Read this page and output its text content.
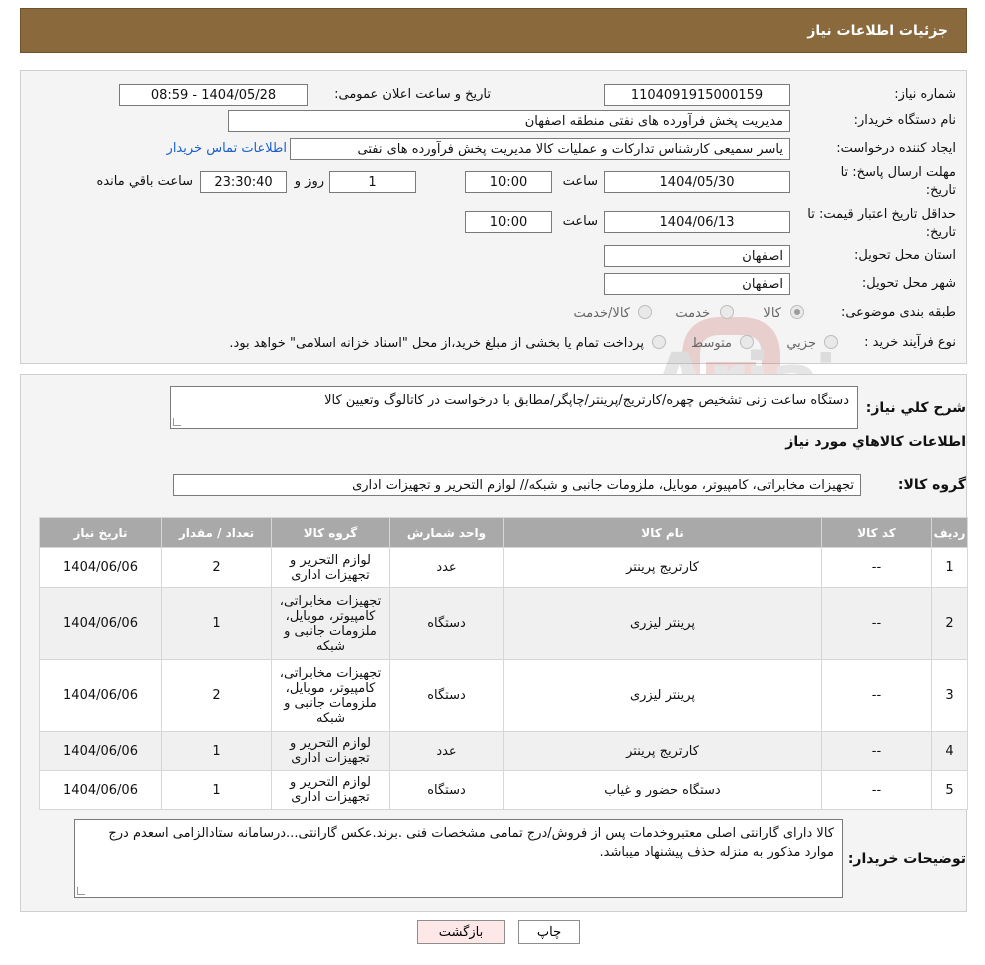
جزئیات اطلاعات نیاز
شماره نیاز:
1104091915000159
تاریخ و ساعت اعلان عمومی:
1404/05/28 - 08:59
نام دستگاه خریدار:
مدیریت پخش فرآورده های نفتی منطقه اصفهان
ایجاد کننده درخواست:
یاسر سمیعی کارشناس تدارکات و عملیات کالا مدیریت پخش فرآورده های نفتی
اطلاعات تماس خریدار
مهلت ارسال پاسخ: تا
تاریخ:
1404/05/30
ساعت
10:00
1
روز و
23:30:40
ساعت باقي مانده
حداقل تاریخ اعتبار قیمت: تا
تاریخ:
1404/06/13
ساعت
10:00
استان محل تحویل:
اصفهان
شهر محل تحویل:
اصفهان
طبقه بندی موضوعی:
کالا
خدمت
کالا/خدمت
نوع فرآیند خرید :
جزيي
متوسط
پرداخت تمام یا بخشی از مبلغ خرید،از محل "اسناد خزانه اسلامی" خواهد بود.
شرح کلي نياز:
دستگاه ساعت زنی تشخیص چهره/کارتریج/پرینتر/چاپگر/مطابق با درخواست در کاتالوگ وتعیین کالا
اطلاعات کالاهاي مورد نياز
گروه کالا:
تجهیزات مخابراتی، کامپیوتر، موبایل، ملزومات جانبی و شبکه// لوازم التحریر و تجهیزات اداری
رديف	کد کالا	نام کالا	واحد شمارش	گروه کالا	تعداد / مقدار	تاریخ نیاز
1	--	کارتریج پرینتر	عدد	لوازم التحریر و تجهیزات اداری	2	1404/06/06
2	--	پرینتر لیزری	دستگاه	تجهیزات مخابراتی، کامپیوتر، موبایل، ملزومات جانبی و شبکه	1	1404/06/06
3	--	پرینتر لیزری	دستگاه	تجهیزات مخابراتی، کامپیوتر، موبایل، ملزومات جانبی و شبکه	2	1404/06/06
4	--	کارتریج پرینتر	عدد	لوازم التحریر و تجهیزات اداری	1	1404/06/06
5	--	دستگاه حضور و غیاب	دستگاه	لوازم التحریر و تجهیزات اداری	1	1404/06/06
توضیحات خریدار:
کالا دارای گارانتی اصلی معتبروخدمات پس از فروش/درج تمامی مشخصات فنی .برند.عکس گارانتی...درسامانه ستادالزامی اسعدم درج موارد مذکور به منزله حذف پیشنهاد میباشد.
چاپ
بازگشت
